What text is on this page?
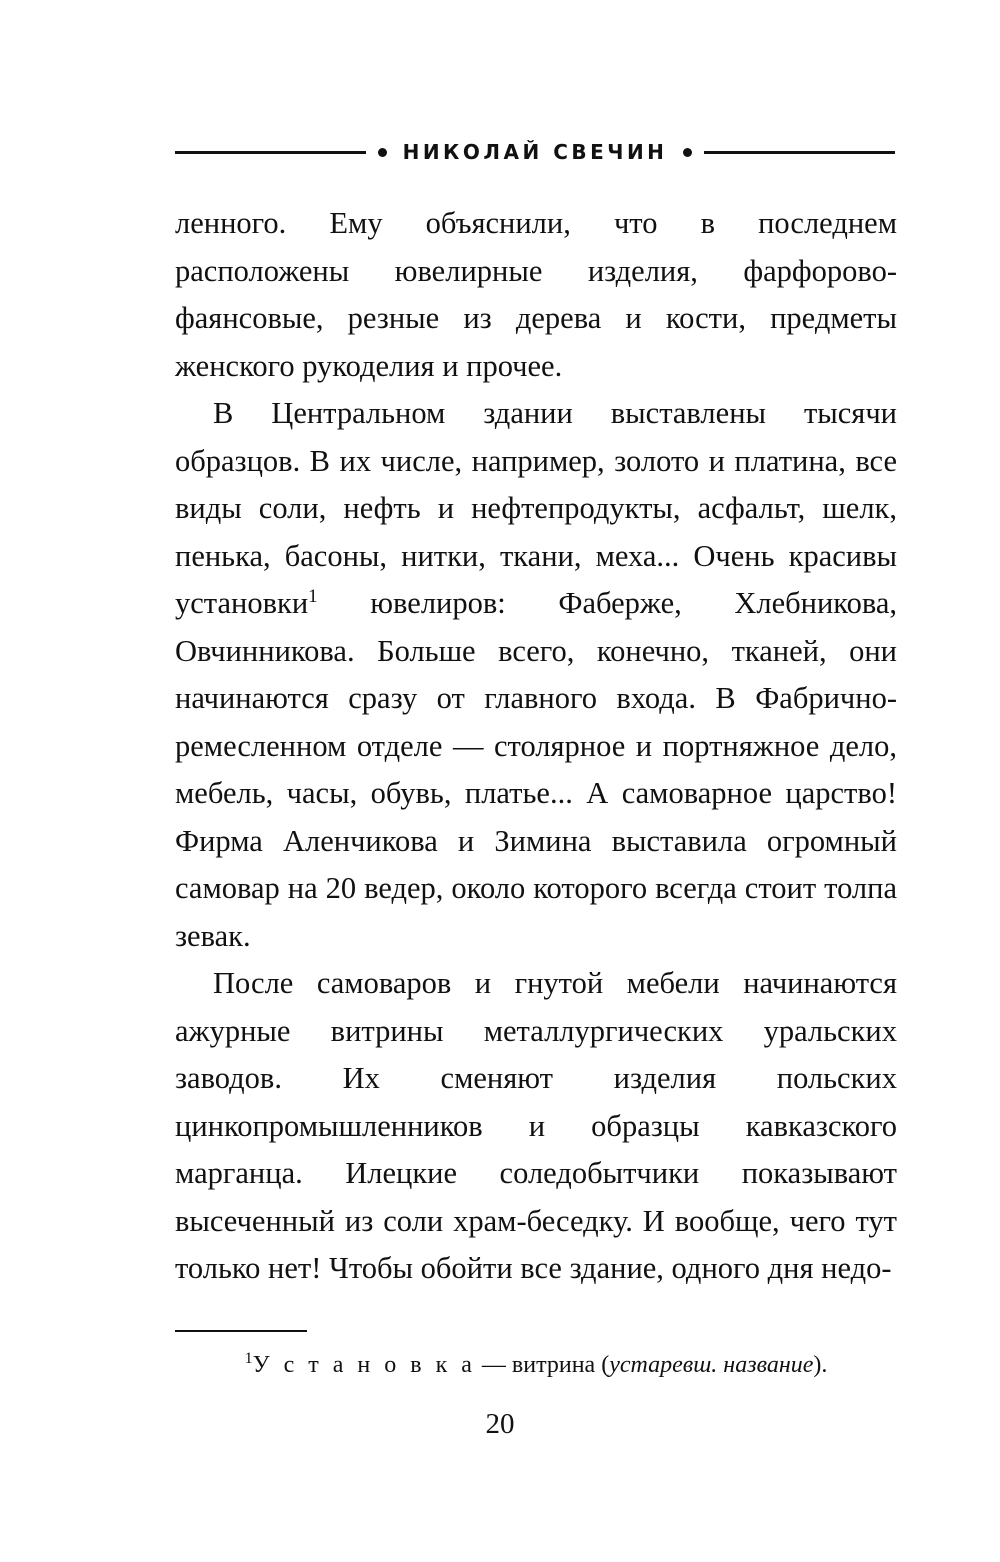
НИКОЛАЙ СВЕЧИН

ленного. Ему объяснили, что в последнем расположены ювелирные изделия, фарфорово-фаянсовые, резные из дерева и кости, предметы женского рукоделия и прочее.

В Центральном здании выставлены тысячи образцов. В их числе, например, золото и платина, все виды соли, нефть и нефтепродукты, асфальт, шелк, пенька, басоны, нитки, ткани, меха... Очень красивы установки$^1$ ювелиров: Фаберже, Хлебникова, Овчинникова. Больше всего, конечно, тканей, они начинаются сразу от главного входа. В Фабрично-ремесленном отделе — столярное и портняжное дело, мебель, часы, обувь, платье... А самоварное царство! Фирма Аленчикова и Зимина выставила огромный самовар на 20 ведер, около которого всегда стоит толпа зевак.

После самоваров и гнутой мебели начинаются ажурные витрины металлургических уральских заводов. Их сменяют изделия польских цинкопромышленников и образцы кавказского марганца. Илецкие соледобытчики показывают высеченный из соли храм-беседку. И вообще, чего тут только нет! Чтобы обойти все здание, одного дня недо-

$^1$У с т а н о в к а — витрина (устаревш. название).
20
